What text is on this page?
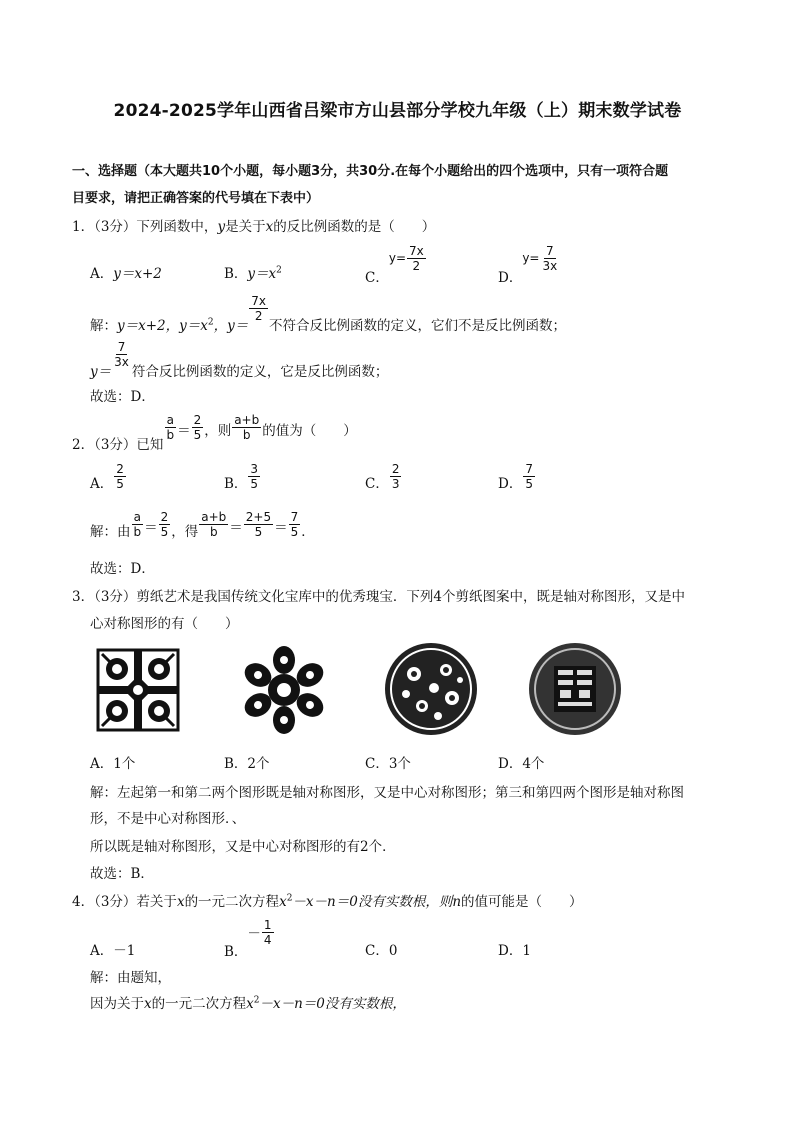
2024-2025学年山西省吕梁市方山县部分学校九年级（上）期末数学试卷
一、选择题（本大题共10个小题，每小题3分，共30分.在每个小题给出的四个选项中，只有一项符合题
目要求，请把正确答案的代号填在下表中）
1．（3分）下列函数中，y是关于x的反比例函数的是（　　）
A．y＝x+2	B．$y=x^2$	C．$y= \frac{7x}{2}$
D．$y= \frac{7}{3x}$
解：y＝x+2，$y=x^2$，y＝
$\frac{7x}{2}$
不符合反比例函数的定义，它们不是反比例函数；
y＝
$\frac{7}{3x}$
符合反比例函数的定义，它是反比例函数；
故选：D．
2．（3分）已知
$\frac{a}{b} = \frac{2}{5}$ ，则 $\frac{a+b}{b}$ 的值为（　　）
A． $\frac{2}{5}$	B． $\frac{3}{5}$	C． $\frac{2}{3}$	D． $\frac{7}{5}$
解：由 $\frac{a}{b} = \frac{2}{5}$ ，得 $\frac{a+b}{b} = \frac{2+5}{5} = \frac{7}{5}$ ．
故选：D．
3．（3分）剪纸艺术是我国传统文化宝库中的优秀瑰宝．下列4个剪纸图案中，既是轴对称图形，又是中
心对称图形的有（　　）
A．1个	B．2个	C．3个	D．4个
解：左起第一和第二两个图形既是轴对称图形，又是中心对称图形；第三和第四两个图形是轴对称图
形，不是中心对称图形．、
所以既是轴对称图形，又是中心对称图形的有2个．
故选：B．
4．（3分）若关于x的一元二次方程$x^2-x-n=0$没有实数根，则n的值可能是（　　）
A．－1	B．－ $\frac{1}{4}$
C．0	D．1
解：由题知，
因为关于x的一元二次方程$x^2-x-n=0$没有实数根，
